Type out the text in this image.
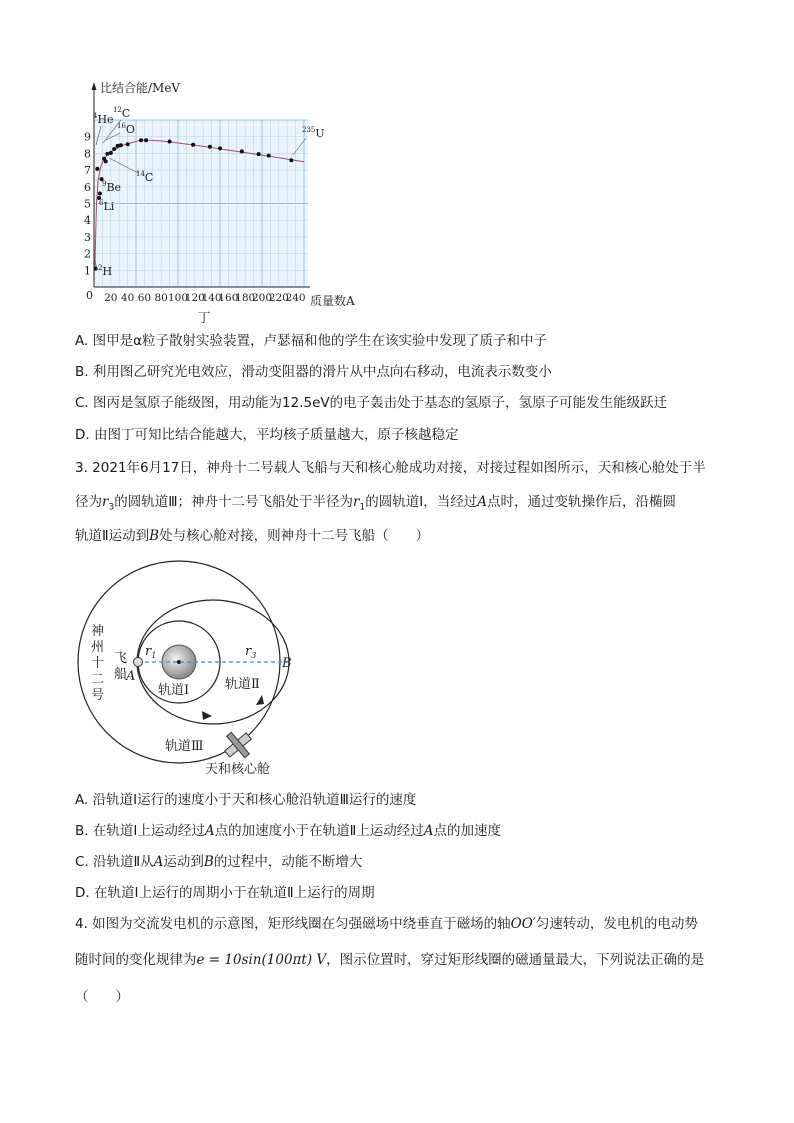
1
2
3
4
5
6
7
8
9
20 40 60 80 100
120
140
160
180
200
220
240
0
比结合能/MeV
质量数A
丁
$^4$He
$^{12}$C
$^{16}$O	$^{235}$U
$^{14}$C
$^9$Be
$^6$Li
$^2$H
A. 图甲是α粒子散射实验装置，卢瑟福和他的学生在该实验中发现了质子和中子
B. 利用图乙研究光电效应，滑动变阻器的滑片从中点向右移动，电流表示数变小
C. 图丙是氢原子能级图，用动能为12.5eV的电子轰击处于基态的氢原子，氢原子可能发生能级跃迁
D. 由图丁可知比结合能越大，平均核子质量越大，原子核越稳定
3. 2021年6月17日，神舟十二号载人飞船与天和核心舱成功对接，对接过程如图所示，天和核心舱处于半
径为$r_3$的圆轨道Ⅲ；神舟十二号飞船处于半径为$r_1$的圆轨道Ⅰ，当经过A点时，通过变轨操作后，沿椭圆
轨道Ⅱ运动到B处与核心舱对接，则神舟十二号飞船（　　）
$r_1$	$r_3$
A
B
轨道Ⅰ	轨道Ⅱ
轨道Ⅲ
天和核心舱
神州十二号
飞船
A. 沿轨道Ⅰ运行的速度小于天和核心舱沿轨道Ⅲ运行的速度
B. 在轨道Ⅰ上运动经过A点的加速度小于在轨道Ⅱ上运动经过A点的加速度
C. 沿轨道Ⅱ从A运动到B的过程中，动能不断增大
D. 在轨道Ⅰ上运行的周期小于在轨道Ⅱ上运行的周期
4. 如图为交流发电机的示意图，矩形线圈在匀强磁场中绕垂直于磁场的轴OO′匀速转动，发电机的电动势
随时间的变化规律为e = 10sin(100πt) V，图示位置时，穿过矩形线圈的磁通量最大，下列说法正确的是
（　　）
